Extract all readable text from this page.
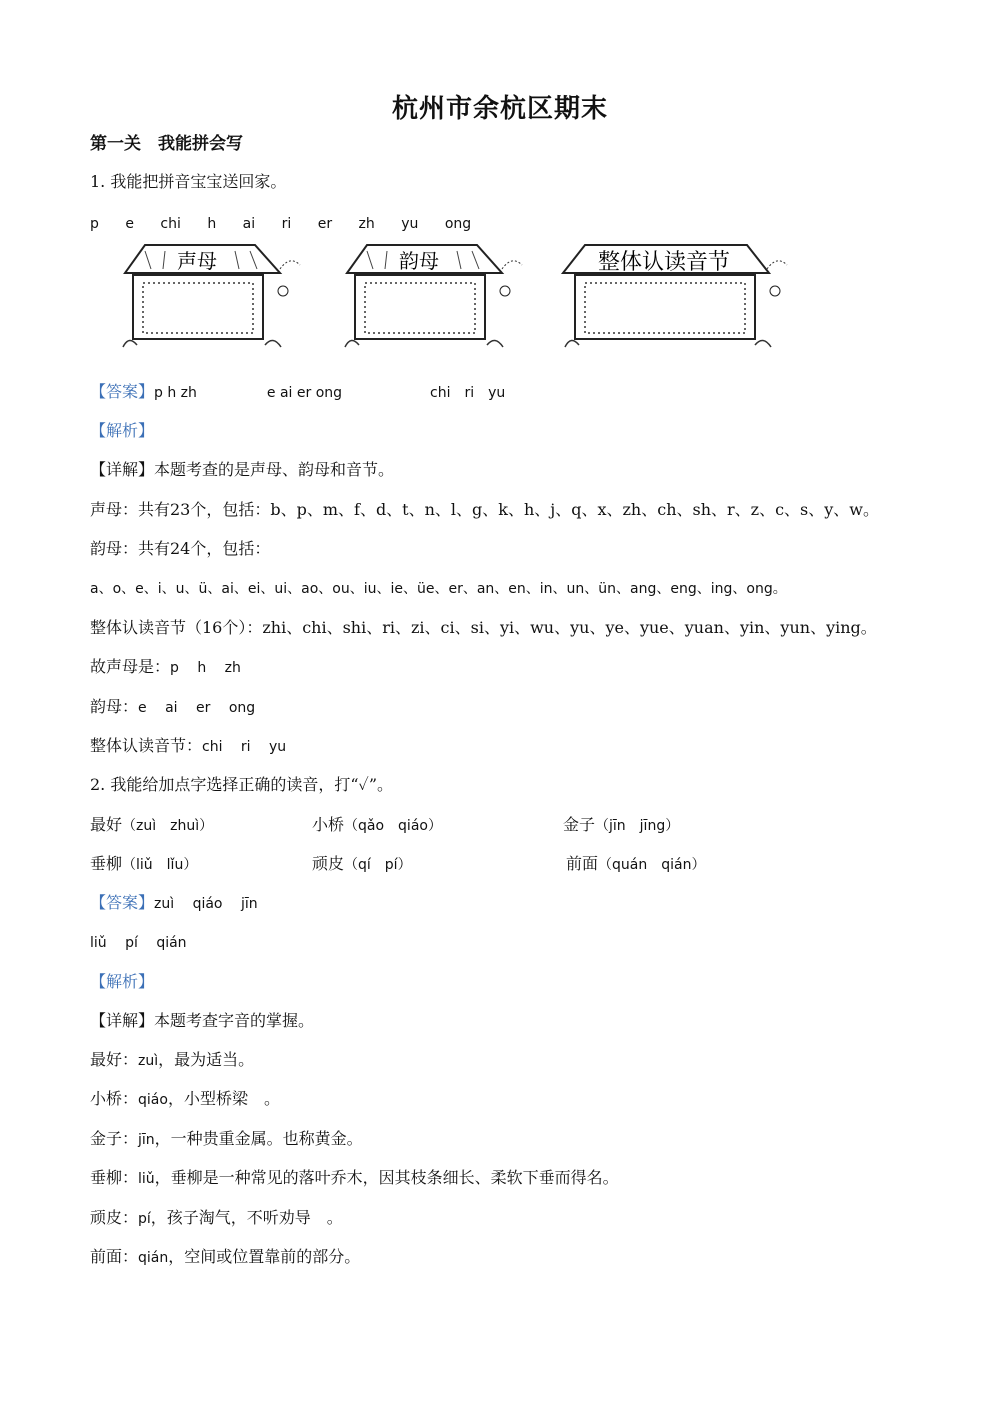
杭州市余杭区期末
第一关　我能拼会写
1. 我能把拼音宝宝送回家。
p e chi h ai ri er zh yu ong
声母	韵母	整体认读音节
【答案】p h zh	e ai er ong	chi　ri　yu
【解析】
【详解】本题考查的是声母、韵母和音节。
声母：共有23个，包括：b、p、m、f、d、t、n、l、g、k、h、j、q、x、zh、ch、sh、r、z、c、s、y、w。
韵母：共有24个，包括：
a、o、e、i、u、ü、ai、ei、ui、ao、ou、iu、ie、üe、er、an、en、in、un、ün、ang、eng、ing、ong。
整体认读音节（16个）：zhi、chi、shi、ri、zi、ci、si、yi、wu、yu、ye、yue、yuan、yin、yun、ying。
故声母是：p　 h　 zh
韵母：e　 ai　 er　 ong
整体认读音节：chi　 ri　 yu
2. 我能给加点字选择正确的读音，打“✓”。
最好（zuì　zhuì）	小桥（qǎo　qiáo）	金子（jīn　jīng）
垂柳（liǔ　lǐu）	顽皮（qí　pí）	前面（quán　qián）
【答案】zuì　 qiáo　 jīn
liǔ　 pí　 qián
【解析】
【详解】本题考查字音的掌握。
最好：zuì，最为适当。
小桥：qiáo，小型桥梁　。
金子：jīn，一种贵重金属。也称黄金。
垂柳：liǔ，垂柳是一种常见的落叶乔木，因其枝条细长、柔软下垂而得名。
顽皮：pí，孩子淘气，不听劝导　。
前面：qián，空间或位置靠前的部分。
